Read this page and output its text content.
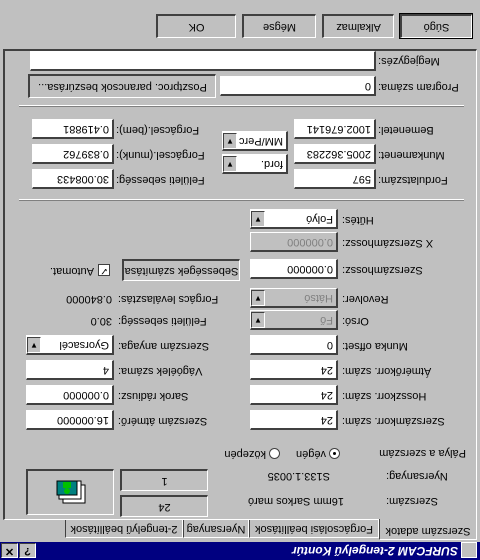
SURFCAM 2-tengelyű Kontúr
?
✕
Szerszám adatok
Forgácsolási beállítások
Nyersanyag
2-tengelyű beállítások
Szerszám:
16mm Sarkos maró
24
Nyersanyag:
S133.1.0035
1
Pálya a szerszám
közepén	végén
Szerszámkorr. szám:
24
Hosszkorr. szám:
24
Átmérőkorr. szám:
24
Munka offset:
0
Orsó:
Fő
▼
Revolver:
Hátsó
▼
Szerszámhossz:
0.000000
X Szerszámhossz:
0.000000
Hűtés:
Folyó
▼
Szerszám átmérő:
16.000000
Sarok rádiusz:
0.000000
Vágóélek száma:
4
Szerszám anyaga:
Gyorsacél
▼
Felületi sebesség:
30.0
Forgács leválasztás:
0.840000
Sebességek számítása
✓
Automat.
Fordulatszám:
597
Munkamenet:
2005.362283
Bemenetel:
1002.676141
ford.
▼
MM/Perc
▼
Felületi sebesség:
30.008433
Forgácsel.(munk):
0.839762
Forgácsel.(bem):
0.419881
Program száma:
0
Posztproc. parancsok beszúrása...
Megjegyzés:
Súgó
Alkalmaz
Mégse
OK
